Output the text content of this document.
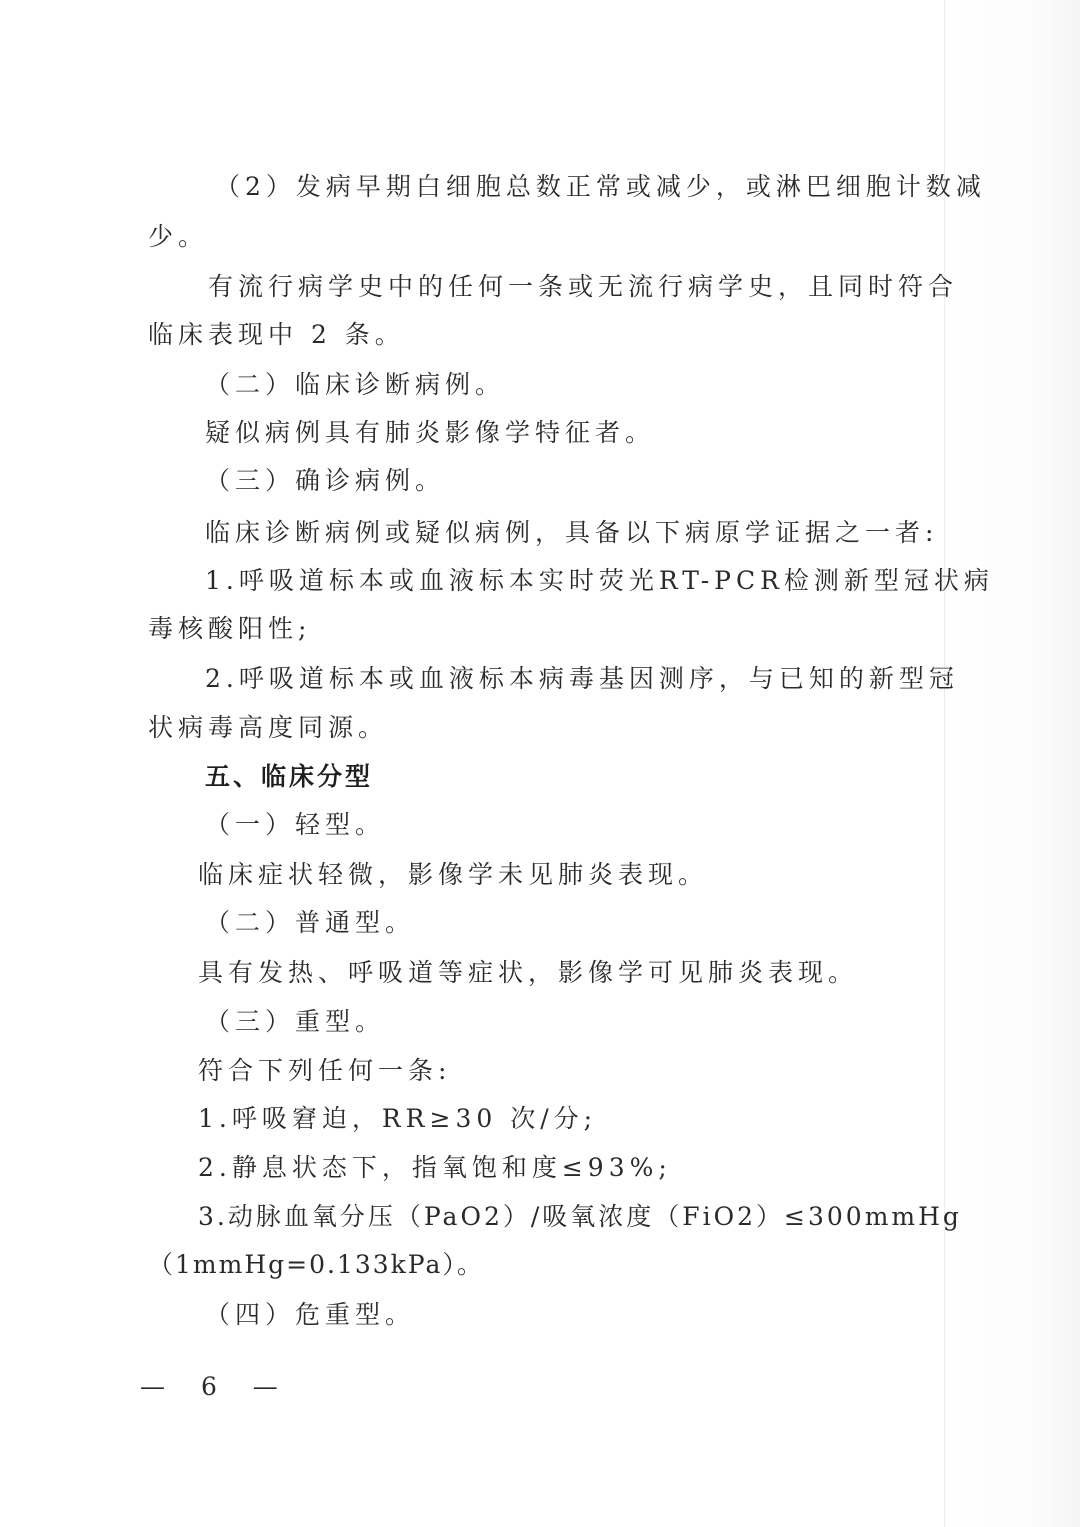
（2）发病早期白细胞总数正常或减少，或淋巴细胞计数减
少。
有流行病学史中的任何一条或无流行病学史，且同时符合
临床表现中 2 条。
（二）临床诊断病例。
疑似病例具有肺炎影像学特征者。
（三）确诊病例。
临床诊断病例或疑似病例，具备以下病原学证据之一者:
1.呼吸道标本或血液标本实时荧光RT-PCR检测新型冠状病
毒核酸阳性;
2.呼吸道标本或血液标本病毒基因测序，与已知的新型冠
状病毒高度同源。
五、临床分型
（一）轻型。
临床症状轻微，影像学未见肺炎表现。
（二）普通型。
具有发热、呼吸道等症状，影像学可见肺炎表现。
（三）重型。
符合下列任何一条:
1.呼吸窘迫，RR≥30 次/分;
2.静息状态下，指氧饱和度≤93%;
3.动脉血氧分压（PaO2）/吸氧浓度（FiO2）≤300mmHg
（1mmHg=0.133kPa）。
（四）危重型。
— 6 —
